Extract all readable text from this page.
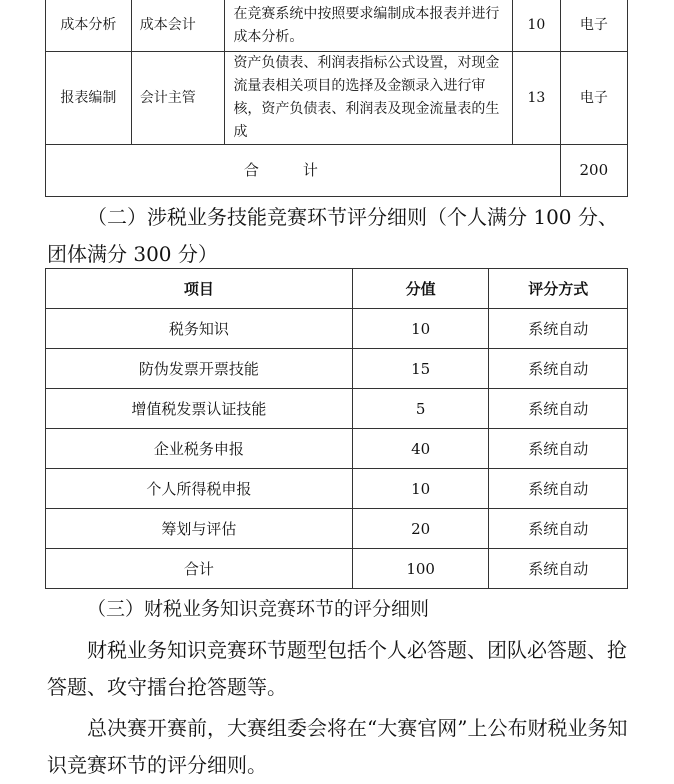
成本分析	成本会计	在竞赛系统中按照要求编制成本报表并进行成本分析。	10	电子
报表编制	会计主管	资产负债表、利润表指标公式设置，对现金流量表相关项目的选择及金额录入进行审核，资产负债表、利润表及现金流量表的生成	13	电子
合计				200

（二）涉税业务技能竞赛环节评分细则（个人满分 100 分、团体满分 300 分）

项目	分值	评分方式
税务知识	10	系统自动
防伪发票开票技能	15	系统自动
增值税发票认证技能	5	系统自动
企业税务申报	40	系统自动
个人所得税申报	10	系统自动
筹划与评估	20	系统自动
合计	100	系统自动

（三）财税业务知识竞赛环节的评分细则

财税业务知识竞赛环节题型包括个人必答题、团队必答题、抢答题、攻守擂台抢答题等。

总决赛开赛前，大赛组委会将在“大赛官网”上公布财税业务知识竞赛环节的评分细则。
